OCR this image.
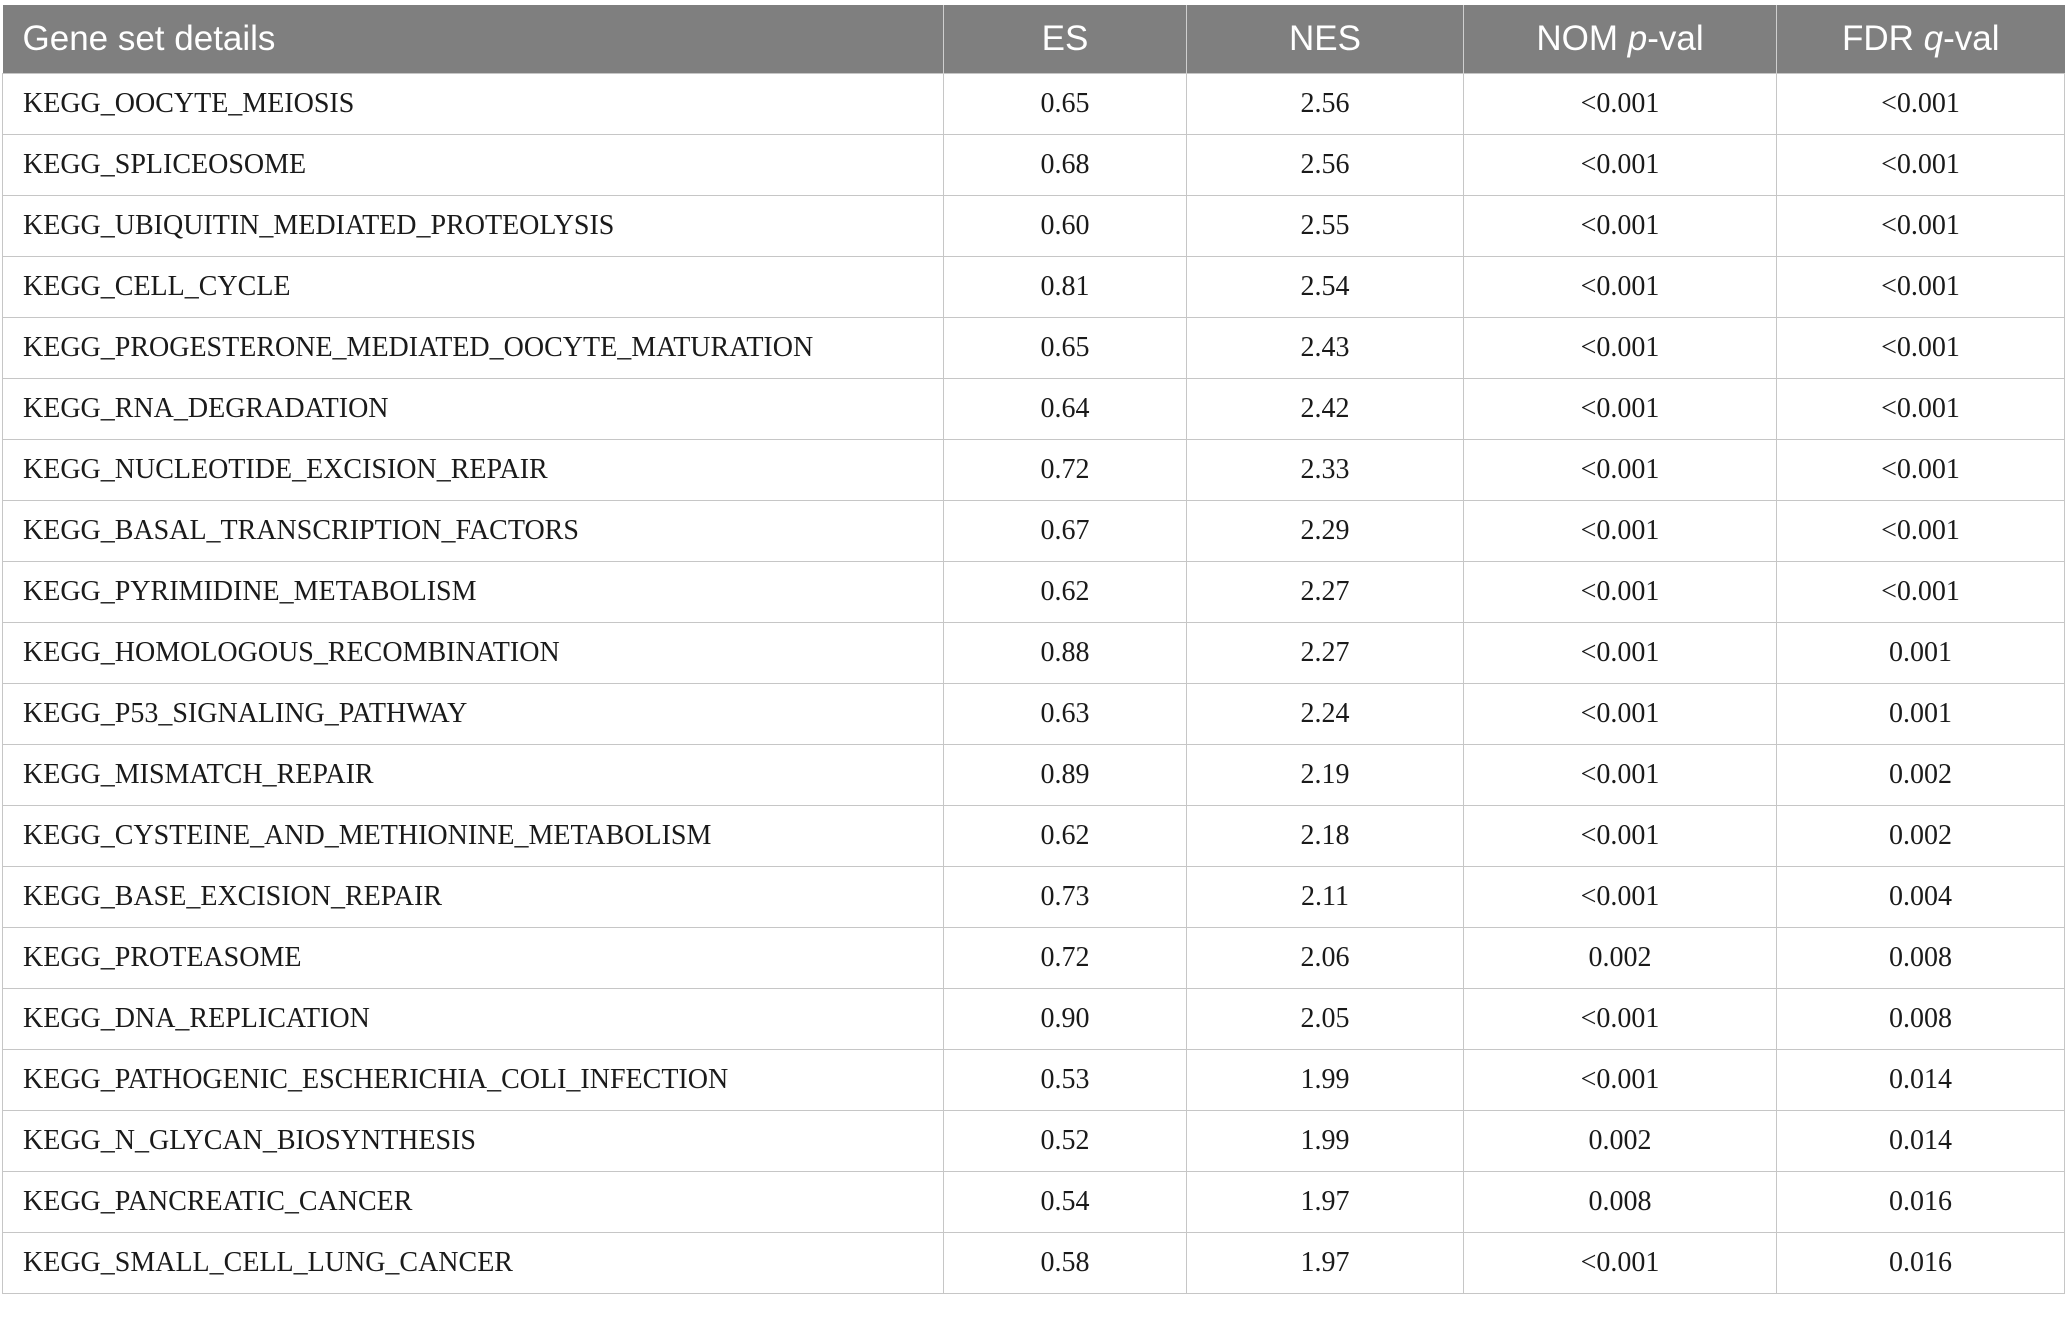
Gene set details	ES	NES	NOM p-val	FDR q-val
KEGG_OOCYTE_MEIOSIS	0.65	2.56	<0.001	<0.001
KEGG_SPLICEOSOME	0.68	2.56	<0.001	<0.001
KEGG_UBIQUITIN_MEDIATED_PROTEOLYSIS	0.60	2.55	<0.001	<0.001
KEGG_CELL_CYCLE	0.81	2.54	<0.001	<0.001
KEGG_PROGESTERONE_MEDIATED_OOCYTE_MATURATION	0.65	2.43	<0.001	<0.001
KEGG_RNA_DEGRADATION	0.64	2.42	<0.001	<0.001
KEGG_NUCLEOTIDE_EXCISION_REPAIR	0.72	2.33	<0.001	<0.001
KEGG_BASAL_TRANSCRIPTION_FACTORS	0.67	2.29	<0.001	<0.001
KEGG_PYRIMIDINE_METABOLISM	0.62	2.27	<0.001	<0.001
KEGG_HOMOLOGOUS_RECOMBINATION	0.88	2.27	<0.001	0.001
KEGG_P53_SIGNALING_PATHWAY	0.63	2.24	<0.001	0.001
KEGG_MISMATCH_REPAIR	0.89	2.19	<0.001	0.002
KEGG_CYSTEINE_AND_METHIONINE_METABOLISM	0.62	2.18	<0.001	0.002
KEGG_BASE_EXCISION_REPAIR	0.73	2.11	<0.001	0.004
KEGG_PROTEASOME	0.72	2.06	0.002	0.008
KEGG_DNA_REPLICATION	0.90	2.05	<0.001	0.008
KEGG_PATHOGENIC_ESCHERICHIA_COLI_INFECTION	0.53	1.99	<0.001	0.014
KEGG_N_GLYCAN_BIOSYNTHESIS	0.52	1.99	0.002	0.014
KEGG_PANCREATIC_CANCER	0.54	1.97	0.008	0.016
KEGG_SMALL_CELL_LUNG_CANCER	0.58	1.97	<0.001	0.016
